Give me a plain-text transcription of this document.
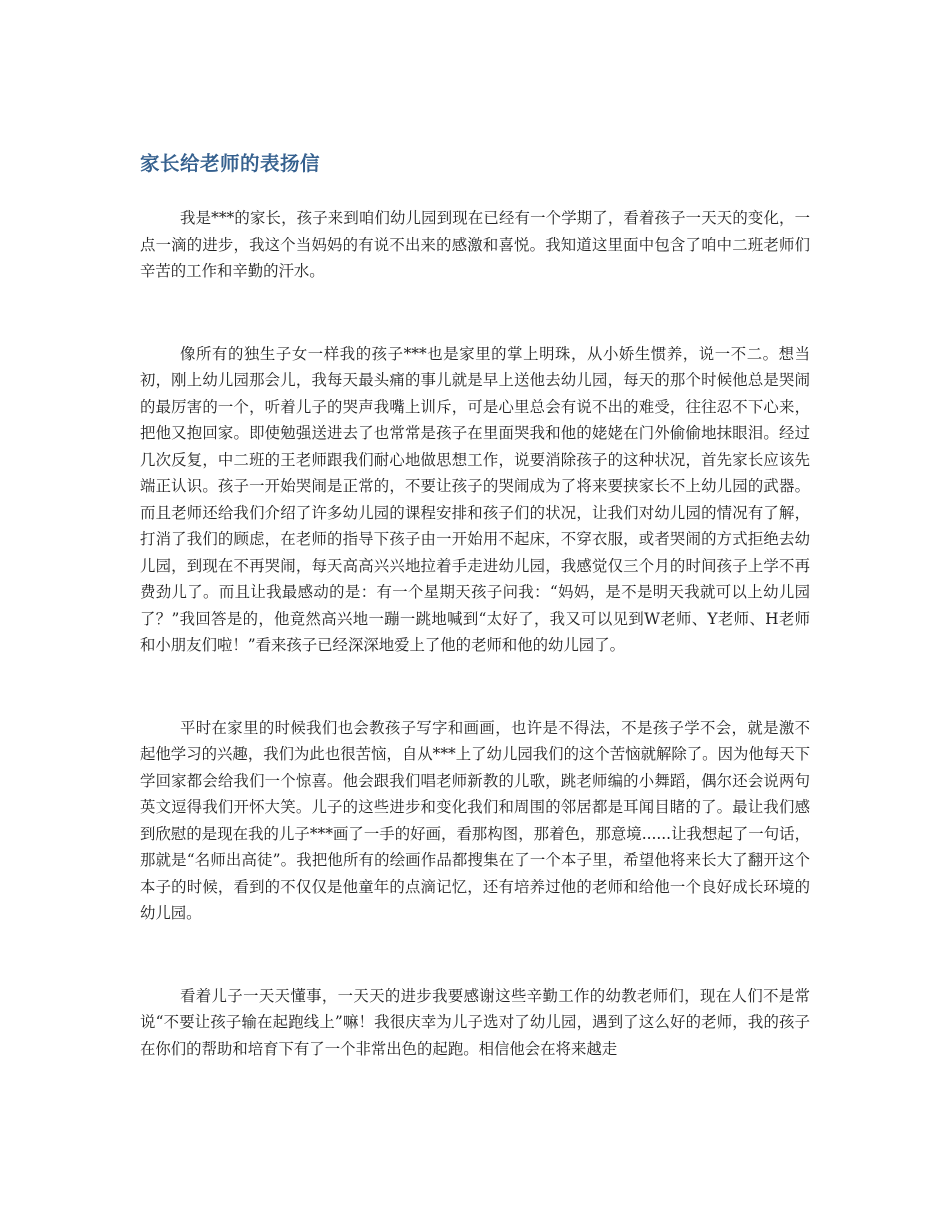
家长给老师的表扬信

我是***的家长，孩子来到咱们幼儿园到现在已经有一个学期了，看着孩子一天天的变化，一点一滴的进步，我这个当妈妈的有说不出来的感激和喜悦。我知道这里面中包含了咱中二班老师们辛苦的工作和辛勤的汗水。

像所有的独生子女一样我的孩子***也是家里的掌上明珠，从小娇生惯养，说一不二。想当初，刚上幼儿园那会儿，我每天最头痛的事儿就是早上送他去幼儿园，每天的那个时候他总是哭闹的最厉害的一个，听着儿子的哭声我嘴上训斥，可是心里总会有说不出的难受，往往忍不下心来，把他又抱回家。即使勉强送进去了也常常是孩子在里面哭我和他的姥姥在门外偷偷地抹眼泪。经过几次反复，中二班的王老师跟我们耐心地做思想工作，说要消除孩子的这种状况，首先家长应该先端正认识。孩子一开始哭闹是正常的，不要让孩子的哭闹成为了将来要挟家长不上幼儿园的武器。而且老师还给我们介绍了许多幼儿园的课程安排和孩子们的状况，让我们对幼儿园的情况有了解，打消了我们的顾虑，在老师的指导下孩子由一开始用不起床，不穿衣服，或者哭闹的方式拒绝去幼儿园，到现在不再哭闹，每天高高兴兴地拉着手走进幼儿园，我感觉仅三个月的时间孩子上学不再费劲儿了。而且让我最感动的是：有一个星期天孩子问我：“妈妈，是不是明天我就可以上幼儿园了？”我回答是的，他竟然高兴地一蹦一跳地喊到“太好了，我又可以见到W老师、Y老师、H老师和小朋友们啦！”看来孩子已经深深地爱上了他的老师和他的幼儿园了。

平时在家里的时候我们也会教孩子写字和画画，也许是不得法，不是孩子学不会，就是激不起他学习的兴趣，我们为此也很苦恼，自从***上了幼儿园我们的这个苦恼就解除了。因为他每天下学回家都会给我们一个惊喜。他会跟我们唱老师新教的儿歌，跳老师编的小舞蹈，偶尔还会说两句英文逗得我们开怀大笑。儿子的这些进步和变化我们和周围的邻居都是耳闻目睹的了。最让我们感到欣慰的是现在我的儿子***画了一手的好画，看那构图，那着色，那意境......让我想起了一句话，那就是“名师出高徒”。我把他所有的绘画作品都搜集在了一个本子里，希望他将来长大了翻开这个本子的时候，看到的不仅仅是他童年的点滴记忆，还有培养过他的老师和给他一个良好成长环境的幼儿园。

看着儿子一天天懂事，一天天的进步我要感谢这些辛勤工作的幼教老师们，现在人们不是常说“不要让孩子输在起跑线上”嘛！我很庆幸为儿子选对了幼儿园，遇到了这么好的老师，我的孩子在你们的帮助和培育下有了一个非常出色的起跑。相信他会在将来越走
